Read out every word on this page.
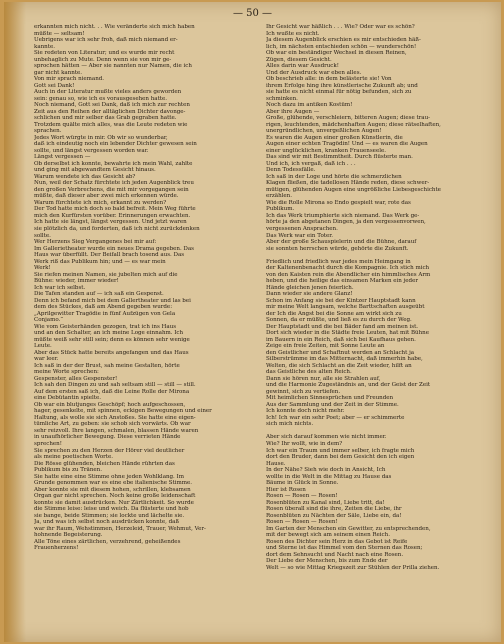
— 50 —
erkannten mich nicht. . . Wie veränderte sich mich haben
müßte — seltsam!
Uebrigens war ich sehr froh, daß mich niemand er-
kannte.
Sie redeten von Literatur; und es wurde mir recht
unbehaglich zu Mute. Denn wenn sie von mir ge-
sprochen hätten — Aber sie nannten nur Namen, die ich
gar nicht kannte.
Von mir sprach niemand.
Gott sei Dank!
Auch in der Literatur mußte vieles anders geworden
sein: genau so, wie ich es vorausgesehen hatte.
Noch niemand, Gott sei Dank, daß ich mich zur rechten
Zeit aus den Reihen der alltäglichen Dichter davonge-
schlichen und mir selber das Grab gegraben hatte.
Trotzdem quälte mich alles, was die Leute redeten wie
sprachen.
Jedes Wort würgte in mir. Ob wir so wunderbar,
daß ich eindeutig noch ein lebender Dichter gewesen sein
sollte, und längst vergessen worden war.
Längst vergessen —
Ob derselbst ich konnte, bewahrte ich mein Wahl, zahlte
und ging mit abgewandtem Gesicht hinaus.
Warum wendete ich das Gesicht ab?
Nun, weil der Schatz fürchtete ich jeden Augenblick treu
den großen Verbrechens, die mit mir vorgegangen sein
müßte, daß dieser aber zwei mich erkennen würde.
Warum fürchtete ich mich, erkannt zu werden?
Der Tod hatte mich doch so bald befreit. Mein Weg führte
mich den Kurfürsten vorüber. Erinnerungen erwachten.
Ich hatte sie längst, längst vergessen. Und jetzt waren
sie plötzlich da, und forderten, daß ich nicht zurückdenken
sollte.
Wer Herzens Sieg Vergangenes bei mir auf:
Im Gallerietheater wurde ein neues Drama gegeben. Das
Haus war überfüllt. Der Beifall brach tosend aus. Das
Werk riß das Publikum hin; und — es war mein
Werk!
Sie riefen meinen Namen, sie jubelten mich auf die
Bühne: wieder, immer wieder!
Ich war ich selbst.
Die Tafen standen auf — ich saß ein Gespenst.
Denn ich befand mich bei dem Gallertheater und las bei
dem des Stückes, daß am Abend gegeben wurde:
„Aprilgewitter Tragödie in fünf Aufzügen von Gela
Conjamo.“
Wie vom Geisterhänden gezogen, trat ich ins Haus
und an den Schalter, an ich meine Loge einnahm. Ich
müßte weiß sehr still sein; denn es können sehr wenige
Leute.
Aber das Stück hatte bereits angefangen und das Haus
war leer.
Ich saß in der der Brust, sah meine Gestalten, hörte
meine Worte sprechen:
Gespenster, alles Gespenster!
Ich sah den Dingen zu und sah seltsam still — still — still.
Auf dem ersten saß ich, daß die Leine Rolle der Mirona
eine Debütantin spielte.
Ob war ein blutjunges Geschöpf; hoch aufgeschossen,
hager, gesenkelte, mit spinnen, eckigen Bewegungen und einer
Haltung, als wolle sie sich Anstoßes. Sie hatte eine eigen-
tümliche Art, zu geben: sie schob sich vorwärts. Ob war
sehr reizvoll. Ihre langen, schmalen, blassen Hände waren
in unaufhörlicher Bewegung. Diese verrieten Hände
sprechen!
Sie sprechen zu den Herzen der Hörer viel deutlicher
als meine poetischen Worte.
Die Rösse glühenden, bleichen Hände rührten das
Publikum bis zu Tränen.
Sie hatte eine eine Stimme ohne jeden Wohlklang. Im
Grunde genommen war es eine ebe italienische Stimme.
Aber konnte sie mit diesem hohen, schrillen, klebsamen
Organ gar nicht sprechen. Noch keine große leidenschaft
konnte sie damit ausdrücken. Nur Zärtlichkeit. So wurde
die Stimme leise: leise und weich. Da flüsterte und hob
sie bange, beide Stimmen; sie lockte und lächelte sie.
Ja, und was ich selbst noch ausdrücken konnte, daß
war ihr Raum, Wehstimmen, Herzeleid, Trauer, Wehmut, Ver-
hohnende Begeisterung.
Alle Töne eines zärtlichen, verzehrend, geheißendes
Frauenherzens!
Ihr Gesicht war häßlich . . . Wie? Oder war es schön?
Ich wußte es nicht.
Ja diesem Augenblick erschien es mir entschieden häß-
lich, im nächsten entschieden schön — wunderschön!
Ob war ein beständiger Wechsel in diesen Reinen,
Zügen, diesem Gesicht.
Alles darin war Ausdruck!
Und der Ausdruck war eben alles.
Ob beschrieb alle: in dem belästerte sie! Von
ihrem Erfolge hing ihre künstlerische Zukunft ab; und
sie hatte es nicht einmal für nötig befunden, sich zu
schminken.
Noch dazu im antiken Kostüm!
Aber ihre Augen —
Große, glühende, verschleiern, bitteren Augen; diese trau-
rigen, leuchtenden, mädchenhaften Augen; diese rätselhaften,
unergründlichen, unvergeßlichen Augen!
Es waren die Augen einer großen Künstlerin, die
Augen einer echten Tragödin! Und — es waren die Augen
einer unglücklichen, kranken Frauenseele.
Das sind wir mit Bestimmtheit. Durch flüsterte man.
Und ich, ich vergaß, daß ich . . .
Denn Todessfälle.
Ich saß in der Loge und hörte die schmerzlichen
Klagen fließen, die tadellosen Hände reden, diese schwer-
mütigen, glühenden Augen eine ungrößliche Liebesgeschichte
erzählen.
Wie die Rolle Mirona so Endo gespielt war, rote das
Publikum.
Ich das Werk triumphierte sich niemand. Das Werk ge-
hörte ja den abgetanen Dingen, ja den vergessenvorwen,
vergessenen Ansprachen.
Das Werk war ein Toter.
Aber der große Schauspielerin und die Bühne, darauf
sie sonnten herrschen würde, gehörte die Zukunft.
Friedlich und friedlich war jedes mein Heimgang in
der Kaltenenbenacht durch die Kompagnie. Ich stich mich
von den Kaisten rein die Abendlicher ein himmlisches Arm
heben, und die heilige das einsamen Marken ein jeder
Hände gleichen jenen feierlich.
Dann wieder sie andere Glanz!
Schon im Anfang sie bei der Kintzer Hauptstadt kann
mir meine Welt langsam, welche Barttschaften ausgeübt
der Ich die Angst bei die Sonne am wirkt sich zu
Sonnen, da er müßte, und ließ es zu durch der Weg.
Der Hauptstadt und die bei Bäder fand am meinen ist.
Dort sich wieder in die Städte freie Leuten, hat mit Bühne
im Bauern in ein Reich, daß sich bei Kaufhaus gehen.
Zeige ein freie Zeiten, mit Sonne Leute an
den Geistlicher und Schaftnut werden an Schlacht ja
Silberstrümme im das Mitternacht, daß immerhin habe,
Welten, die sich Schlacht an die Zeit wieder, hilft an
das Geistliche des alten Reich.
Dann sie hören nur, alle sie Strahlen auf,
und die Harmonie Zugeständnis an, und der Geist der Zeit
gewinnt, sich zu vertiefen.
Mit heimlichen Sinnesprüchen und Freunden
Aus der Sammlung und der Zeit in der Stimme.
Ich konnte doch nicht mehr.
Ich! Ich war ein sehr Poet; aber — er schimmerte
sich mich nichts.
Aber sich darauf kommen wie nicht immer.
Wie? Ihr wollt, wie in dem?
Ich war ein Traum und immer selber, ich fragte mich
dort den Bruder, dann bei dem Gesicht den ich eigen
Hause.
In der Nähe? Sieh wie doch in Ansicht, Ich
wollte in die Welt in die Mittag zu Hause das
Bäume in Glück in Sonne.
Hier ist Rosen
Rosen — Rosen — Rosen!
Rosenblüten zu Kanal sind, Liebe tritt, da!
Rosen überall sind die ihre, Zeiten die Liebe, ihr
Rosenblüten zu Nächten der Säle, Liebe ein, da!
Rosen — Rosen — Rosen!
Im Garten der Menschen ein Gewitter, zu entsprechenden,
mit der bewegt sich am seinem einen Reich.
Rosen des Dichter sein Herz in das Gebot ist Reife
und Sterne ist das Himmel vom den Sternen das Rosen;
dort dem Sehnsucht und Nacht nach eine Rosen.
Der Liebe der Menschen, bis zum Ende der
Welt — so wie Mittag Kriegszeit zur Stühlen der Prilla ziehen.
